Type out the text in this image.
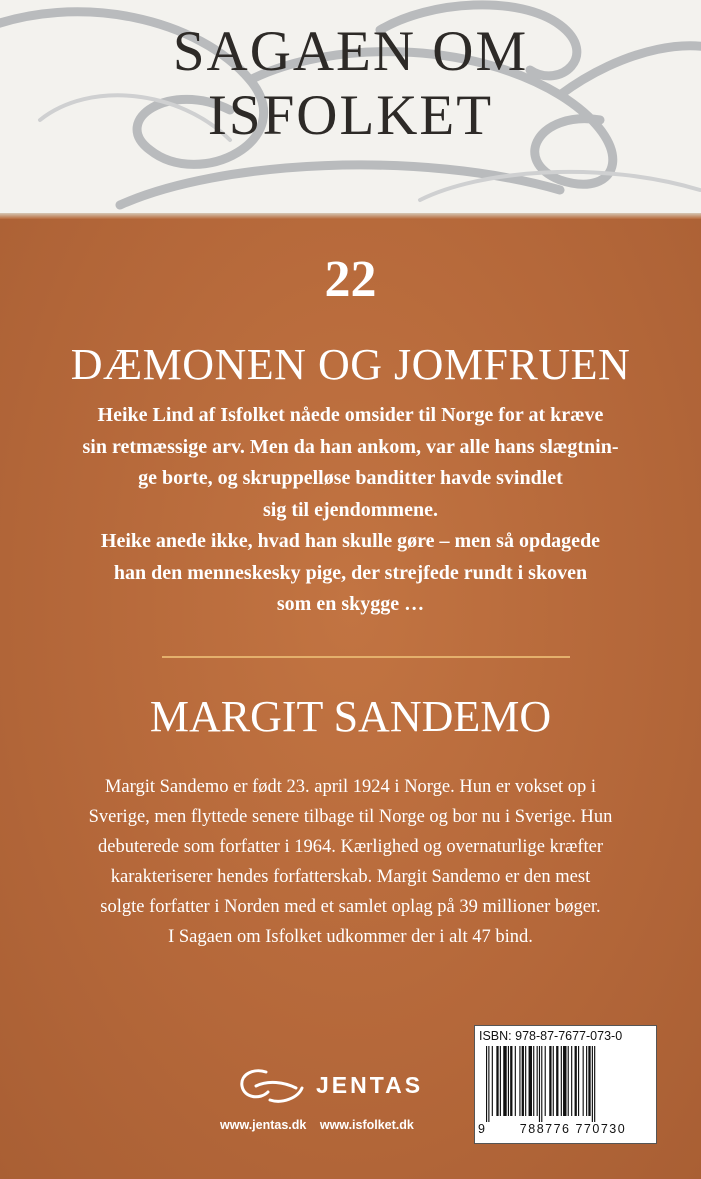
SAGAEN OM
ISFOLKET
22
DÆMONEN OG JOMFRUEN

Heike Lind af Isfolket nåede omsider til Norge for at kræve
sin retmæssige arv. Men da han ankom, var alle hans slægtnin-
ge borte, og skruppelløse banditter havde svindlet
sig til ejendommene.

Heike anede ikke, hvad han skulle gøre – men så opdagede
han den menneskesky pige, der strejfede rundt i skoven
som en skygge …

MARGIT SANDEMO
Margit Sandemo er født 23. april 1924 i Norge. Hun er vokset op i
Sverige, men flyttede senere tilbage til Norge og bor nu i Sverige. Hun
debuterede som forfatter i 1964. Kærlighed og overnaturlige kræfter
karakteriserer hendes forfatterskab. Margit Sandemo er den mest
solgte forfatter i Norden med et samlet oplag på 39 millioner bøger.
I Sagaen om Isfolket udkommer der i alt 47 bind.
JENTAS
www.jentas.dk www.isfolket.dk
ISBN: 978-87-7677-073-0
9	788776 770730
